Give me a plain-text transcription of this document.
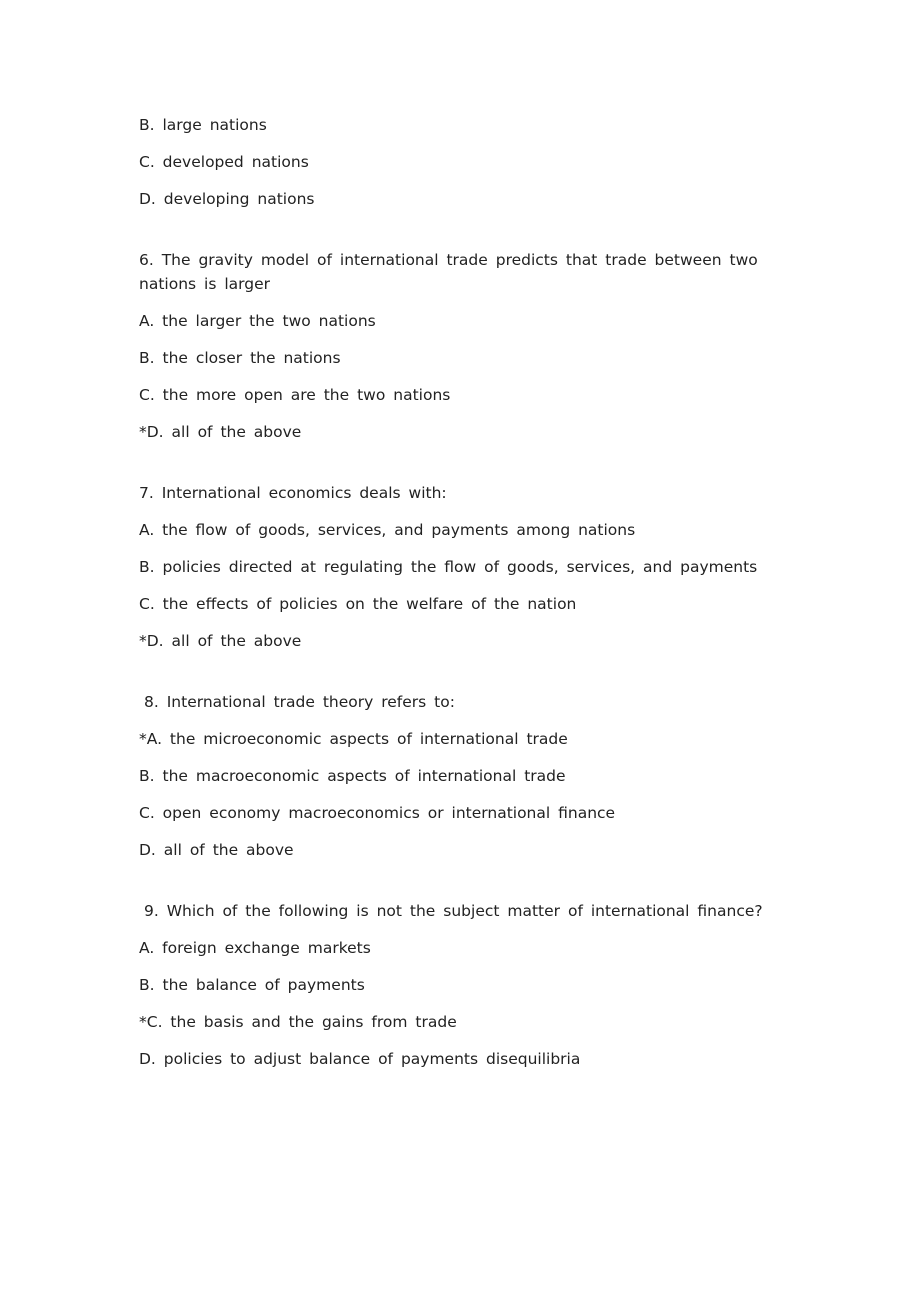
B. large nations

C. developed nations

D. developing nations

6. The gravity model of international trade predicts that trade between two nations is larger

A. the larger the two nations

B. the closer the nations

C. the more open are the two nations

*D. all of the above

7. International economics deals with:

A. the flow of goods, services, and payments among nations

B. policies directed at regulating the flow of goods, services, and payments

C. the effects of policies on the welfare of the nation

*D. all of the above

8. International trade theory refers to:

*A. the microeconomic aspects of international trade

B. the macroeconomic aspects of international trade

C. open economy macroeconomics or international finance

D. all of the above

9. Which of the following is not the subject matter of international finance?

A. foreign exchange markets

B. the balance of payments

*C. the basis and the gains from trade

D. policies to adjust balance of payments disequilibria
